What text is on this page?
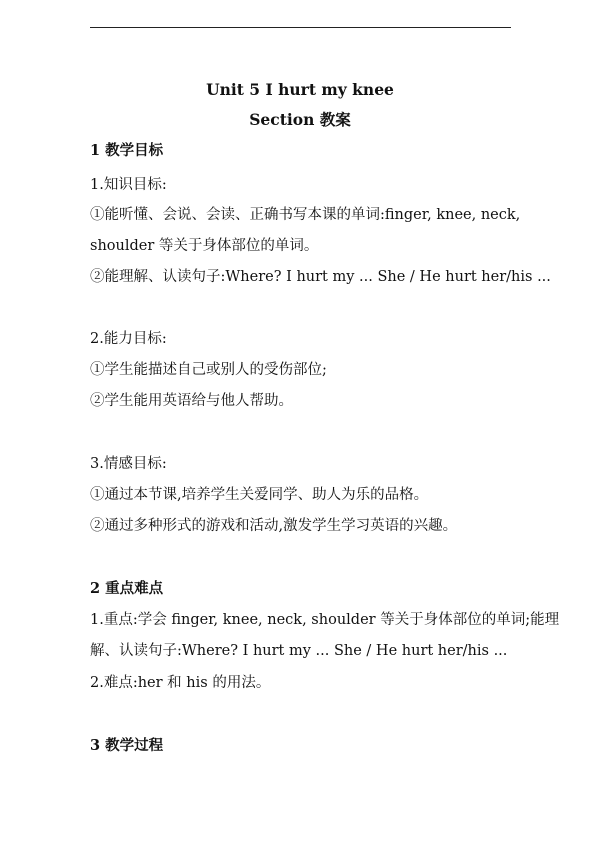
Unit 5 I hurt my knee
Section 教案
1 教学目标
1.知识目标:
①能听懂、会说、会读、正确书写本课的单词:finger, knee, neck,
shoulder 等关于身体部位的单词。
②能理解、认读句子:Where? I hurt my ... She / He hurt her/his ...
2.能力目标:
①学生能描述自己或别人的受伤部位;
②学生能用英语给与他人帮助。
3.情感目标:
①通过本节课,培养学生关爱同学、助人为乐的品格。
②通过多种形式的游戏和活动,激发学生学习英语的兴趣。
2 重点难点
1.重点:学会 finger, knee, neck, shoulder 等关于身体部位的单词;能理
解、认读句子:Where? I hurt my ... She / He hurt her/his ...
2.难点:her 和 his 的用法。
3 教学过程
